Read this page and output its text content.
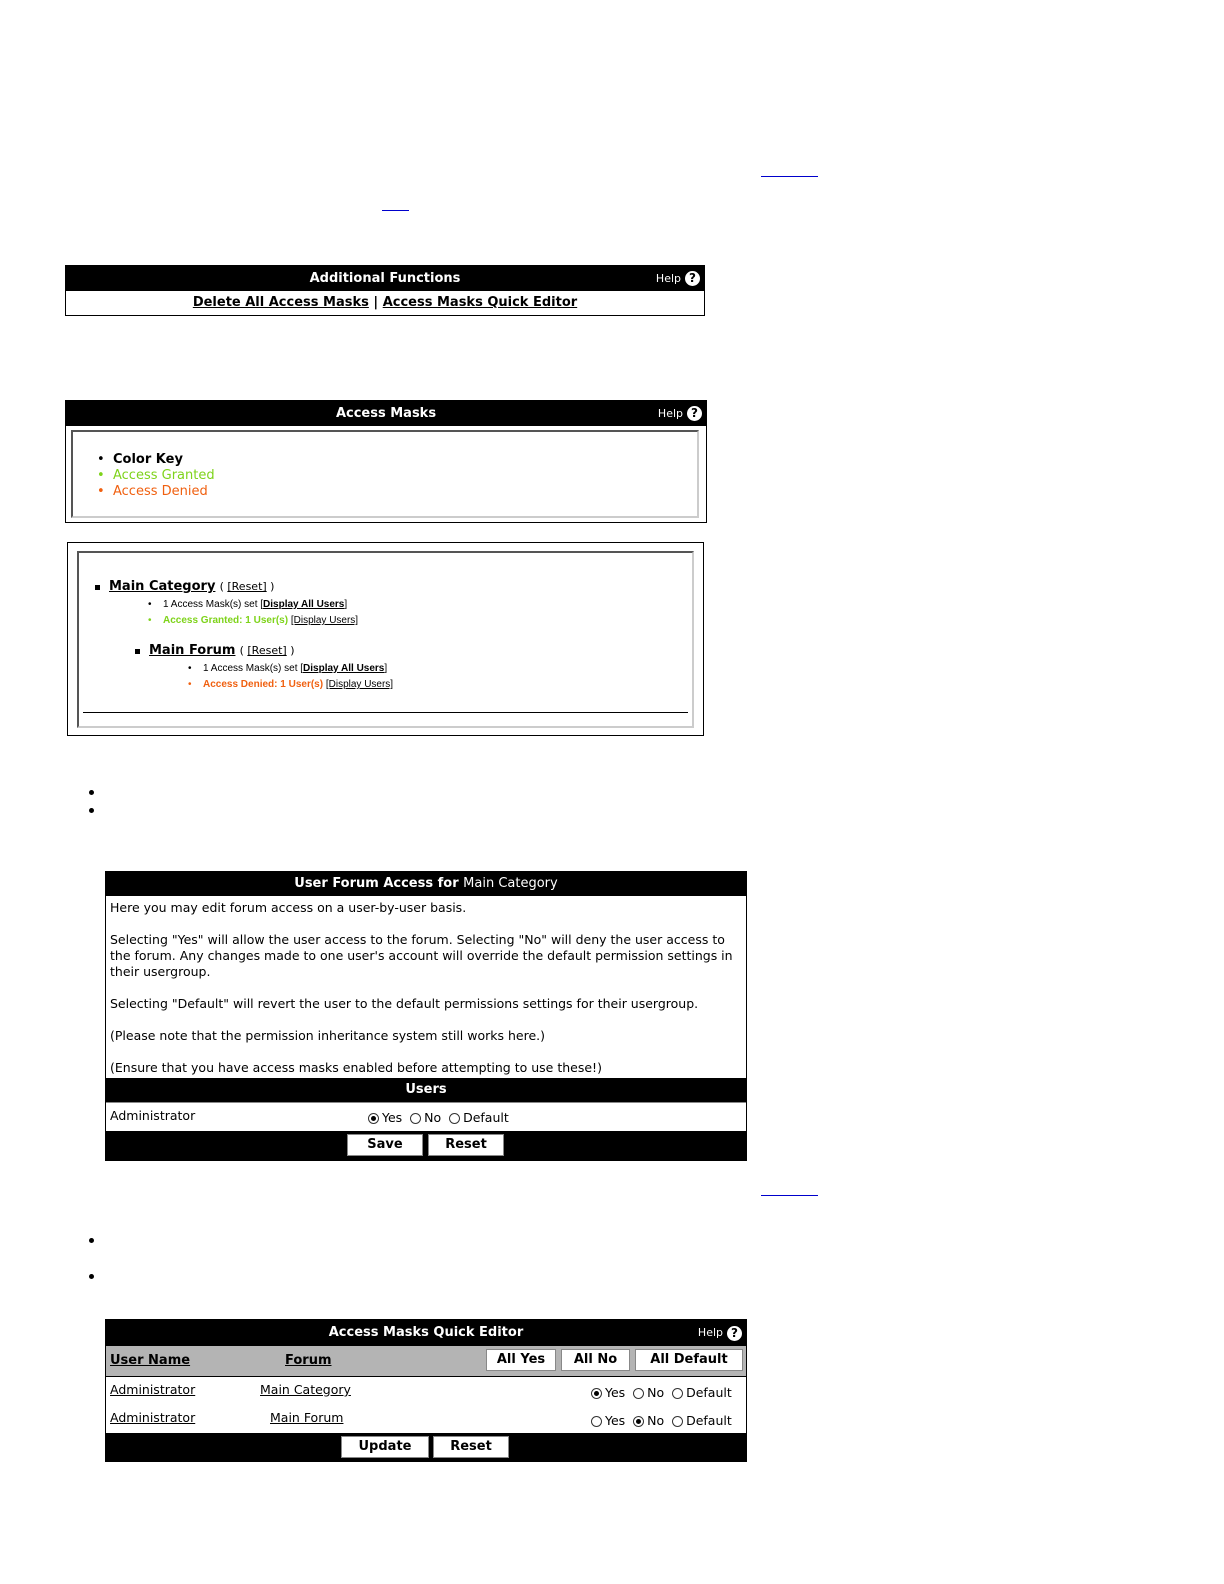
Additional Functions	Help ?
Delete All Access Masks | Access Masks Quick Editor
Access Masks	Help ?
• Color Key
• Access Granted
• Access Denied
Main Category ( [Reset] )
• 1 Access Mask(s) set [Display All Users]
• Access Granted: 1 User(s) [Display Users]
Main Forum ( [Reset] )
• 1 Access Mask(s) set [Display All Users]
• Access Denied: 1 User(s) [Display Users]
User Forum Access for Main Category
Here you may edit forum access on a user-by-user basis.
Selecting "Yes" will allow the user access to the forum. Selecting "No" will deny the user access to the forum. Any changes made to one user's account will override the default permission settings in their usergroup.
Selecting "Default" will revert the user to the default permissions settings for their usergroup.
(Please note that the permission inheritance system still works here.)
(Ensure that you have access masks enabled before attempting to use these!)
Users
Administrator	Yes No Default
Save	Reset
Access Masks Quick Editor	Help ?
User Name	Forum	All Yes	All No	All Default
Administrator	Main Category	Yes No Default
Administrator	Main Forum	Yes No Default
Update	Reset
